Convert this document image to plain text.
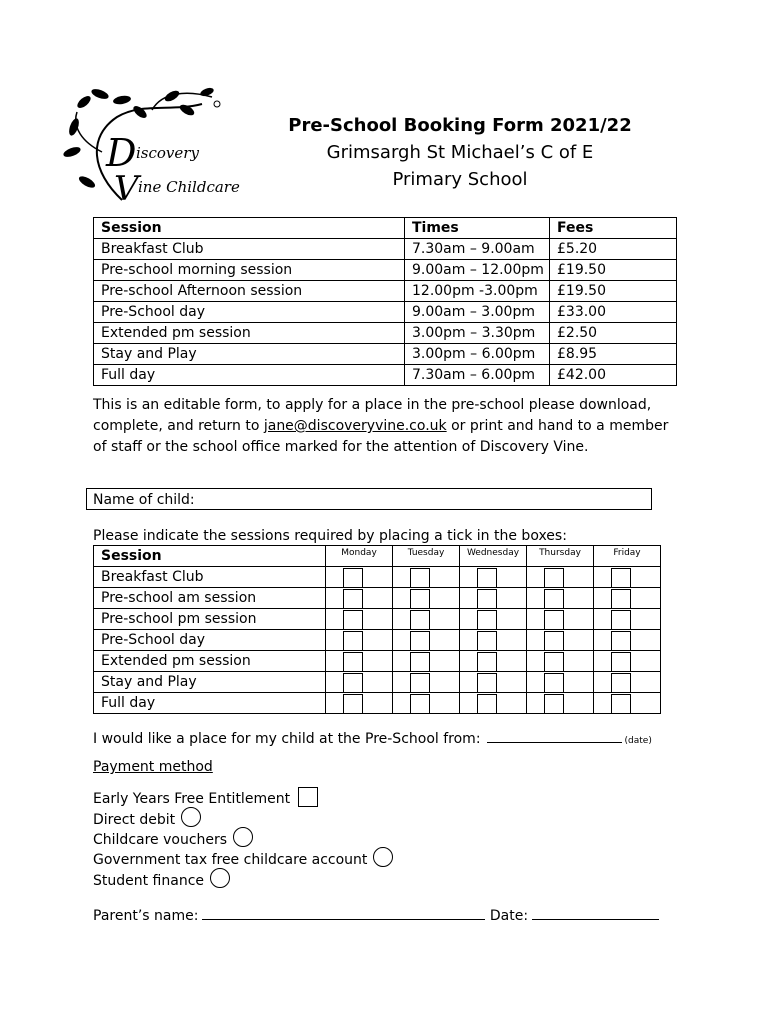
D iscovery
V ine Childcare
Pre-School Booking Form 2021/22
Grimsargh St Michael’s C of E
Primary School
Session	Times	Fees
Breakfast Club	7.30am – 9.00am	£5.20
Pre-school morning session	9.00am – 12.00pm	£19.50
Pre-school Afternoon session	12.00pm -3.00pm	£19.50
Pre-School day	9.00am – 3.00pm	£33.00
Extended pm session	3.00pm – 3.30pm	£2.50
Stay and Play	3.00pm – 6.00pm	£8.95
Full day	7.30am – 6.00pm	£42.00
This is an editable form, to apply for a place in the pre-school please download, complete, and return to jane@discoveryvine.co.uk or print and hand to a member of staff or the school office marked for the attention of Discovery Vine.
Name of child:
Please indicate the sessions required by placing a tick in the boxes:
Session	Monday	Tuesday	Wednesday	Thursday	Friday
Breakfast Club	

Pre-school am session	

Pre-school pm session	

Pre-School day	

Extended pm session	

Stay and Play	

Full day	

I would like a place for my child at the Pre-School from:	(date)
Payment method
Early Years Free Entitlement
Direct debit
Childcare vouchers
Government tax free childcare account
Student finance
Parent’s name:	Date:
